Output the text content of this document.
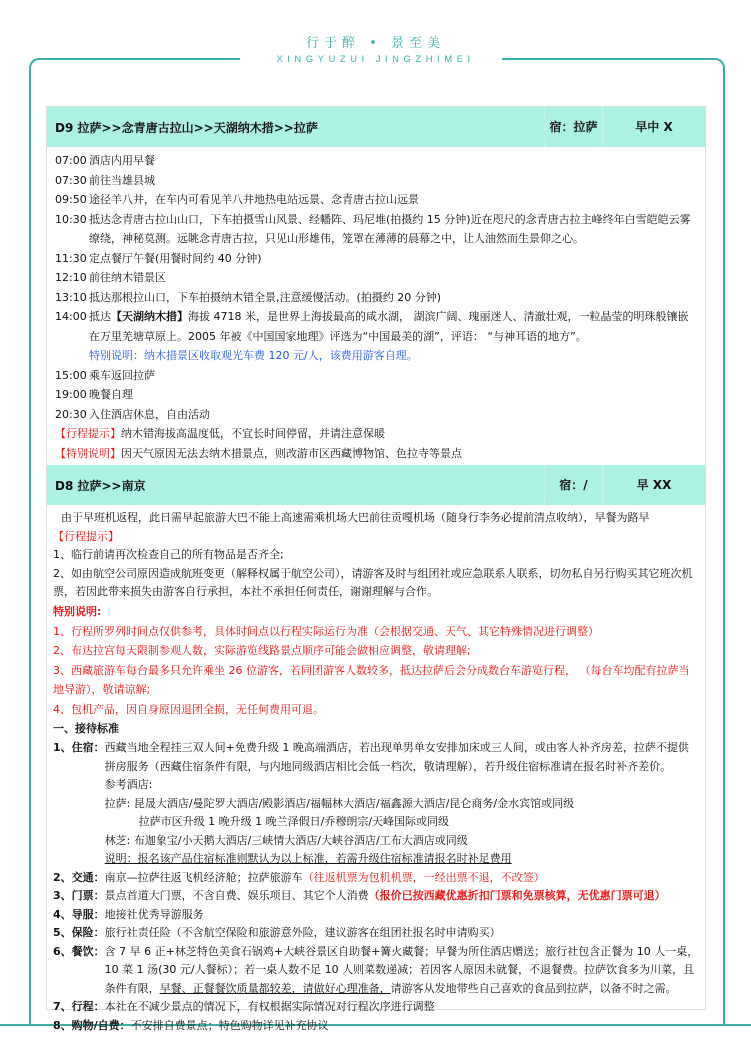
行于醉 • 景至美
XINGYUZUI JINGZHIMEI
D9 拉萨>>念青唐古拉山>>天湖纳木措>>拉萨	宿：拉萨	早中 X
07:00 酒店内用早餐
07:30 前往当雄县城
09:50 途径羊八井，在车内可看见羊八井地热电站远景、念青唐古拉山远景
10:30 抵达念青唐古拉山山口，下车拍摄雪山风景、经幡阵、玛尼堆(拍摄约 15 分钟)近在咫尺的念青唐古拉主峰终年白雪皑皑云雾缭绕，神秘莫测。远眺念青唐古拉，只见山形雄伟，笼罩在薄薄的晨幕之中，让人油然而生景仰之心。
11:30 定点餐厅午餐(用餐时间约 40 分钟)
12:10 前往纳木错景区
13:10 抵达那根拉山口，下车拍摄纳木错全景,注意缓慢活动。(拍摄约 20 分钟)
14:00 抵达【天湖纳木措】海拔 4718 米，是世界上海拔最高的咸水湖， 湖滨广阔、瑰丽迷人、清澈壮观，一粒晶莹的明珠般镶嵌在万里羌塘草原上。2005 年被《中国国家地理》评选为“中国最美的湖”，评语： “与神耳语的地方”。
特别说明：纳木措景区收取观光车费 120 元/人，该费用游客自理。
15:00 乘车返回拉萨
19:00 晚餐自理
20:30 入住酒店休息，自由活动
【行程提示】纳木错海拔高温度低，不宜长时间停留，并请注意保暖
【特别说明】因天气原因无法去纳木措景点，则改游市区西藏博物馆、色拉寺等景点
D8 拉萨>>南京	宿：/	早 XX

由于早班机返程，此日需早起旅游大巴不能上高速需乘机场大巴前往贡嘎机场（随身行李务必提前清点收纳），早餐为路早

【行程提示】

1、临行前请再次检查自己的所有物品是否齐全;

2、如由航空公司原因造成航班变更（解释权属于航空公司），请游客及时与组团社或应急联系人联系，切勿私自另行购买其它班次机票，若因此带来损失由游客自行承担，本社不承担任何责任，谢谢理解与合作。

特别说明:

1、行程所罗列时间点仅供参考，具体时间点以行程实际运行为准（会根据交通、天气、其它特殊情况进行调整）

2、布达拉宫每天限制参观人数，实际游览线路景点顺序可能会做相应调整，敬请理解;

3、西藏旅游车每台最多只允许乘坐 26 位游客，若同团游客人数较多，抵达拉萨后会分成数台车游览行程， （每台车均配有拉萨当地导游），敬请谅解;

4、包机产品，因自身原因退团全损，无任何费用可退。

一、接待标准

1、住宿 ： 西藏当地全程挂三双人间+免费升级 1 晚高端酒店，若出现单男单女安排加床或三人间，或由客人补齐房差，拉萨不提供拼房服务（西藏住宿条件有限，与内地同级酒店相比会低一档次，敬请理解），若升级住宿标准请在报名时补齐差价。

参考酒店:

拉萨: 昆晟大酒店/曼陀罗大酒店/殿影酒店/福幅林大酒店/福鑫源大酒店/昆仑商务/金水宾馆或同级

拉萨市区升级 1 晚升级 1 晚兰泽假日/乔穆朗宗/天峰国际或同级

林芝: 布迦象宝/小天鹅大酒店/三峡情大酒店/大峡谷酒店/工布大酒店或同级

说明：报名该产品住宿标准则默认为以上标准，若需升级住宿标准请报名时补足费用

2、交通 ： 南京—拉萨往返飞机经济舱；拉萨旅游车（往返机票为包机机票，一经出票不退，不改签）

3、门票 ： 景点首道大门票，不含自费、娱乐项目、其它个人消费（报价已按西藏优惠折扣门票和免票核算，无优惠门票可退）

4、导服 ： 地接社优秀导游服务

5、保险 ： 旅行社责任险（不含航空保险和旅游意外险，建议游客在组团社报名时申请购买）

6、餐饮 ： 含 7 早 6 正+林芝特色美食石锅鸡+大峡谷景区自助餐+篝火藏餐；早餐为所住酒店赠送；旅行社包含正餐为 10 人一桌，10 菜 1 汤(30 元/人餐标）；若一桌人数不足 10 人则菜数递减；若因客人原因未就餐，不退餐费。拉萨饮食多为川菜，且条件有限，早餐、正餐餐饮质量都较差，请做好心理准备，请游客从发地带些自己喜欢的食品到拉萨，以备不时之需。

7、行程 ： 本社在不减少景点的情况下，有权根据实际情况对行程次序进行调整

8、购物/自费 ： 不安排自费景点；特色购物详见补充协议
